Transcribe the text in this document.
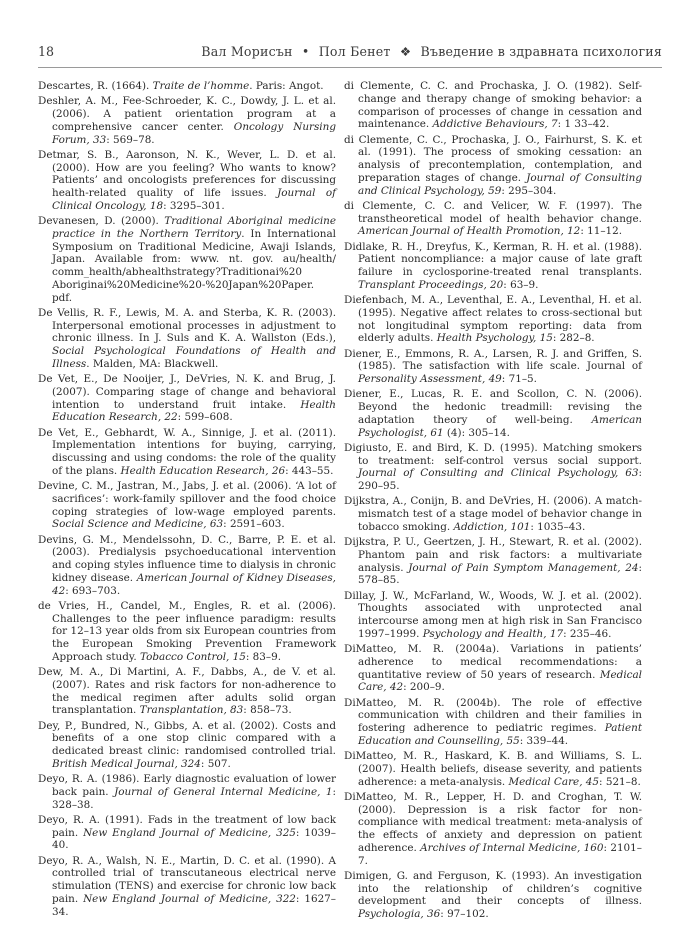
18	Вал Морисън • Пол Бенет ❖ Въведение в здравната психология

Descartes, R. (1664). Traite de l’homme. Paris: Angot.

Deshler, A. M., Fee-Schroeder, K. C., Dowdy, J. L. et al. (2006). A patient orientation program at a comprehensive cancer center. Oncology Nursing Forum, 33: 569–78.

Detmar, S. B., Aaronson, N. K., Wever, L. D. et al. (2000). How are you feeling? Who wants to know? Patients’ and oncologists preferences for discussing health-related quality of life issues. Journal of Clinical Oncology, 18: 3295–301.

Devanesen, D. (2000). Traditional Aboriginal medicine practice in the Northern Territory. In International Symposium on Traditional Medicine, Awaji Islands, Japan. Available from: www. nt. gov. au/health/ comm_health/abhealthstrategy?Traditionai%20 Aboriginai%20Medicine%20-%20Japan%20Paper. pdf.

De Vellis, R. F., Lewis, M. A. and Sterba, K. R. (2003). Interpersonal emotional processes in adjustment to chronic illness. In J. Suls and K. A. Wallston (Eds.), Social Psychological Foundations of Health and Illness. Malden, MA: Blackwell.

De Vet, E., De Nooijer, J., DeVries, N. K. and Brug, J. (2007). Comparing stage of change and behavioral intention to understand fruit intake. Health Education Research, 22: 599–608.

De Vet, E., Gebhardt, W. A., Sinnige, J. et al. (2011). Implementation intentions for buying, carrying, discussing and using condoms: the role of the quality of the plans. Health Education Research, 26: 443–55.

Devine, C. M., Jastran, M., Jabs, J. et al. (2006). ‘A lot of sacrifices’: work-family spillover and the food choice coping strategies of low-wage employed parents. Social Science and Medicine, 63: 2591–603.

Devins, G. M., Mendelssohn, D. C., Barre, P. E. et al. (2003). Predialysis psychoeducational intervention and coping styles influence time to dialysis in chronic kidney disease. American Journal of Kidney Diseases, 42: 693–703.

de Vries, H., Candel, M., Engles, R. et al. (2006). Challenges to the peer influence paradigm: results for 12–13 year olds from six European countries from the European Smoking Prevention Framework Approach study. Tobacco Control, 15: 83–9.

Dew, M. A., Di Martini, A. F., Dabbs, A., de V. et al. (2007). Rates and risk factors for non-adherence to the medical regimen after adults solid organ transplantation. Transplantation, 83: 858–73.

Dey, P., Bundred, N., Gibbs, A. et al. (2002). Costs and benefits of a one stop clinic compared with a dedicated breast clinic: randomised controlled trial. British Medical Journal, 324: 507.

Deyo, R. A. (1986). Early diagnostic evaluation of lower back pain. Journal of General Internal Medicine, 1: 328–38.

Deyo, R. A. (1991). Fads in the treatment of low back pain. New England Journal of Medicine, 325: 1039–40.

Deyo, R. A., Walsh, N. E., Martin, D. C. et al. (1990). A controlled trial of transcutaneous electrical nerve stimulation (TENS) and exercise for chronic low back pain. New England Journal of Medicine, 322: 1627–34.

di Clemente, C. C. and Prochaska, J. O. (1982). Self-change and therapy change of smoking behavior: a comparison of processes of change in cessation and maintenance. Addictive Behaviours, 7: 1 33–42.

di Clemente, C. C., Prochaska, J. O., Fairhurst, S. K. et al. (1991). The process of smoking cessation: an analysis of precontemplation, contemplation, and preparation stages of change. Journal of Consulting and Clinical Psychology, 59: 295–304.

di Clemente, C. C. and Velicer, W. F. (1997). The transtheoretical model of health behavior change. American Journal of Health Promotion, 12: 11–12.

Didlake, R. H., Dreyfus, K., Kerman, R. H. et al. (1988). Patient noncompliance: a major cause of late graft failure in cyclosporine-treated renal transplants. Transplant Proceedings, 20: 63–9.

Diefenbach, M. A., Leventhal, E. A., Leventhal, H. et al. (1995). Negative affect relates to cross-sectional but not longitudinal symptom reporting: data from elderly adults. Health Psychology, 15: 282–8.

Diener, E., Emmons, R. A., Larsen, R. J. and Griffen, S. (1985). The satisfaction with life scale. Journal of Personality Assessment, 49: 71–5.

Diener, E., Lucas, R. E. and Scollon, C. N. (2006). Beyond the hedonic treadmill: revising the adaptation theory of well-being. American Psychologist, 61 (4): 305–14.

Digiusto, E. and Bird, K. D. (1995). Matching smokers to treatment: self-control versus social support. Journal of Consulting and Clinical Psychology, 63: 290–95.

Dijkstra, A., Conijn, B. and DeVries, H. (2006). A match-mismatch test of a stage model of behavior change in tobacco smoking. Addiction, 101: 1035–43.

Dijkstra, P. U., Geertzen, J. H., Stewart, R. et al. (2002). Phantom pain and risk factors: a multivariate analysis. Journal of Pain Symptom Management, 24: 578–85.

Dillay, J. W., McFarland, W., Woods, W. J. et al. (2002). Thoughts associated with unprotected anal intercourse among men at high risk in San Francisco 1997–1999. Psychology and Health, 17: 235–46.

DiMatteo, M. R. (2004a). Variations in patients’ adherence to medical recommendations: a quantitative review of 50 years of research. Medical Care, 42: 200–9.

DiMatteo, M. R. (2004b). The role of effective communication with children and their families in fostering adherence to pediatric regimes. Patient Education and Counselling, 55: 339–44.

DiMatteo, M. R., Haskard, K. B. and Williams, S. L. (2007). Health beliefs, disease severity, and patients adherence: a meta-analysis. Medical Care, 45: 521–8.

DiMatteo, M. R., Lepper, H. D. and Croghan, T. W. (2000). Depression is a risk factor for non-compliance with medical treatment: meta-analysis of the effects of anxiety and depression on patient adherence. Archives of Internal Medicine, 160: 2101–7.

Dimigen, G. and Ferguson, K. (1993). An investigation into the relationship of children’s cognitive development and their concepts of illness. Psychologia, 36: 97–102.
